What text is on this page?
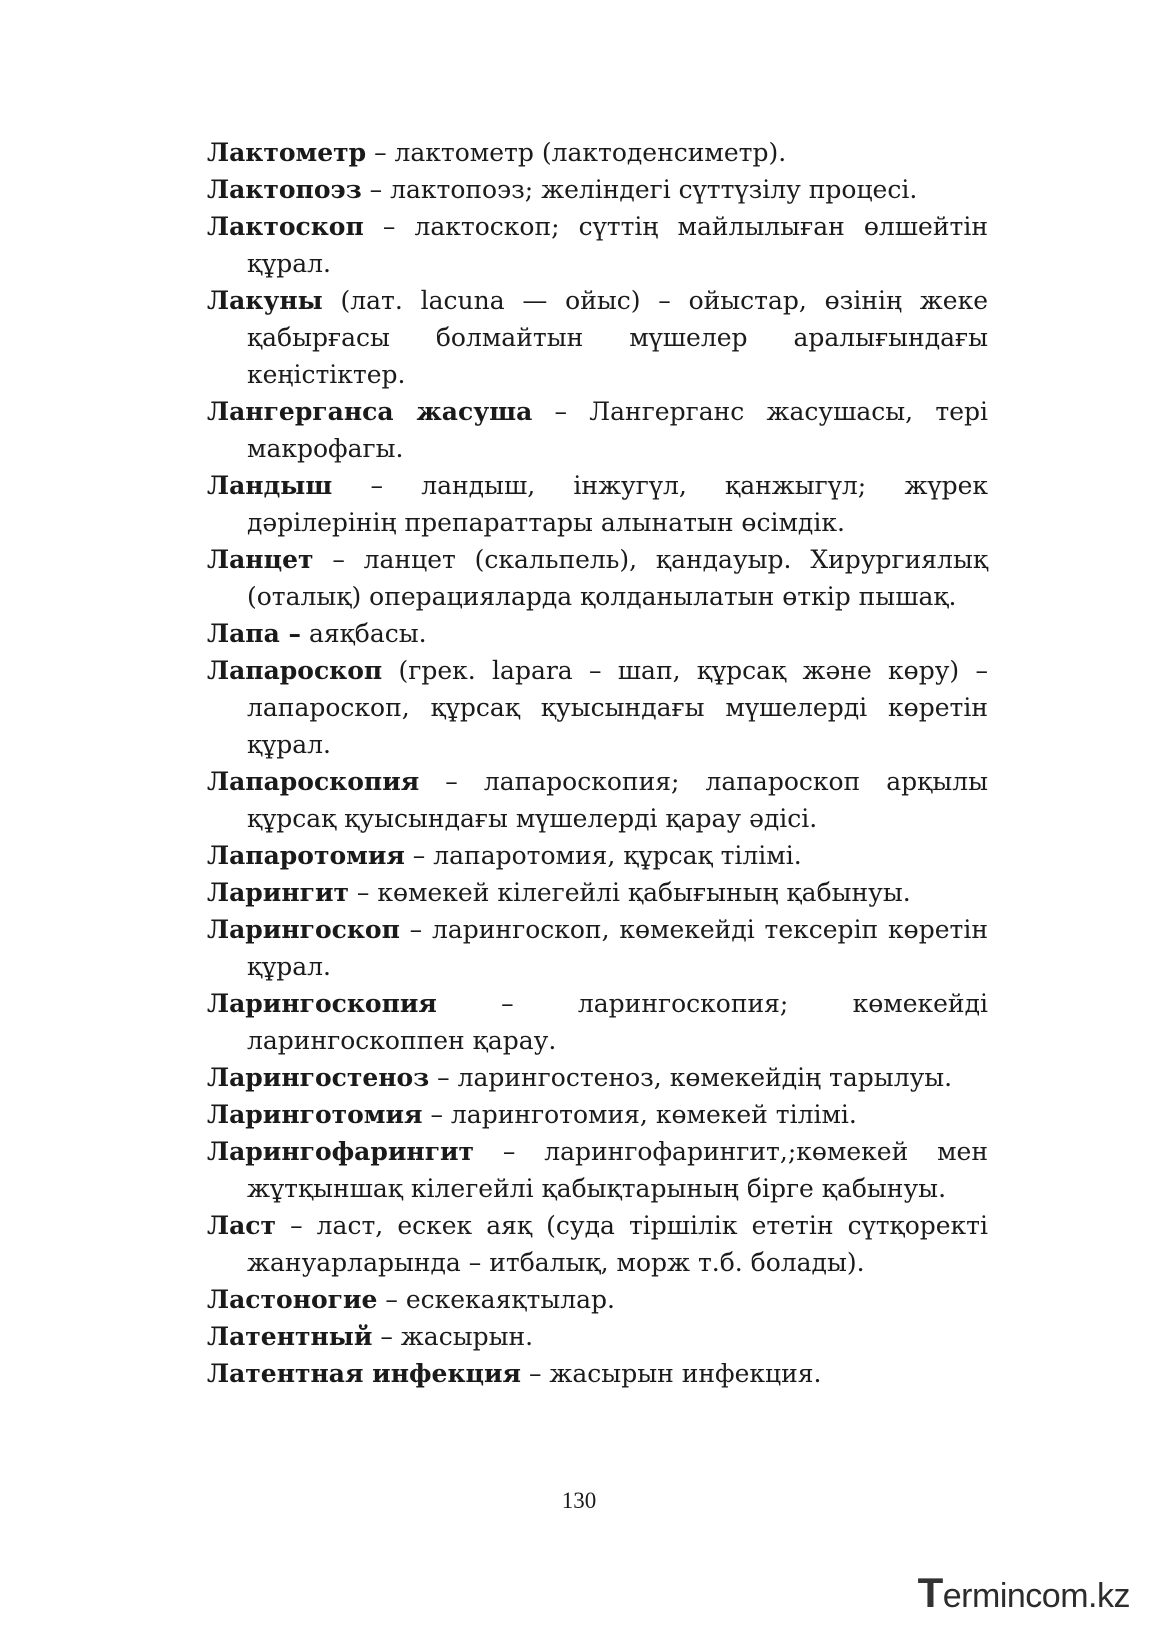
Лактометр – лактометр (лактоденсиметр).
Лактопоэз – лактопоэз; желіндегі сүттүзілу процесі.
Лактоскоп – лактоскоп; сүттің майлылыған өлшейтін құрал.
Лакуны (лат. lacuna — ойыс) – ойыстар, өзінің жеке қабырғасы болмайтын мүшелер аралығындағы кеңістіктер.
Лангерганса жасуша – Лангерганс жасушасы, тері макрофагы.
Ландыш – ландыш, інжугүл, қанжыгүл; жүрек дәрілерінің препараттары алынатын өсімдік.
Ланцет – ланцет (скальпель), қандауыр. Хирургиялық (оталық) операцияларда қолданылатын өткір пышақ.
Лапа – аяқбасы.
Лапароскоп (грек. lapara – шап, құрсақ және көру) – лапароскоп, құрсақ қуысындағы мүшелерді көретін құрал.
Лапароскопия – лапароскопия; лапароскоп арқылы құрсақ қуысындағы мүшелерді қарау әдісі.
Лапаротомия – лапаротомия, құрсақ тілімі.
Ларингит – көмекей кілегейлі қабығының қабынуы.
Ларингоскоп – ларингоскоп, көмекейді тексеріп көретін құрал.
Ларингоскопия – ларингоскопия; көмекейді ларингоскоппен қарау.
Ларингостеноз – ларингостеноз, көмекейдің тарылуы.
Ларинготомия – ларинготомия, көмекей тілімі.
Ларингофарингит – ларингофарингит,;көмекей мен жұтқыншақ кілегейлі қабықтарының бірге қабынуы.
Ласт – ласт, ескек аяқ (суда тіршілік ететін сүтқоректі жануарларында – итбалық, морж т.б. болады).
Ластоногие – ескекаяқтылар.
Латентный – жасырын.
Латентная инфекция – жасырын инфекция.
130
Termincom.kz
